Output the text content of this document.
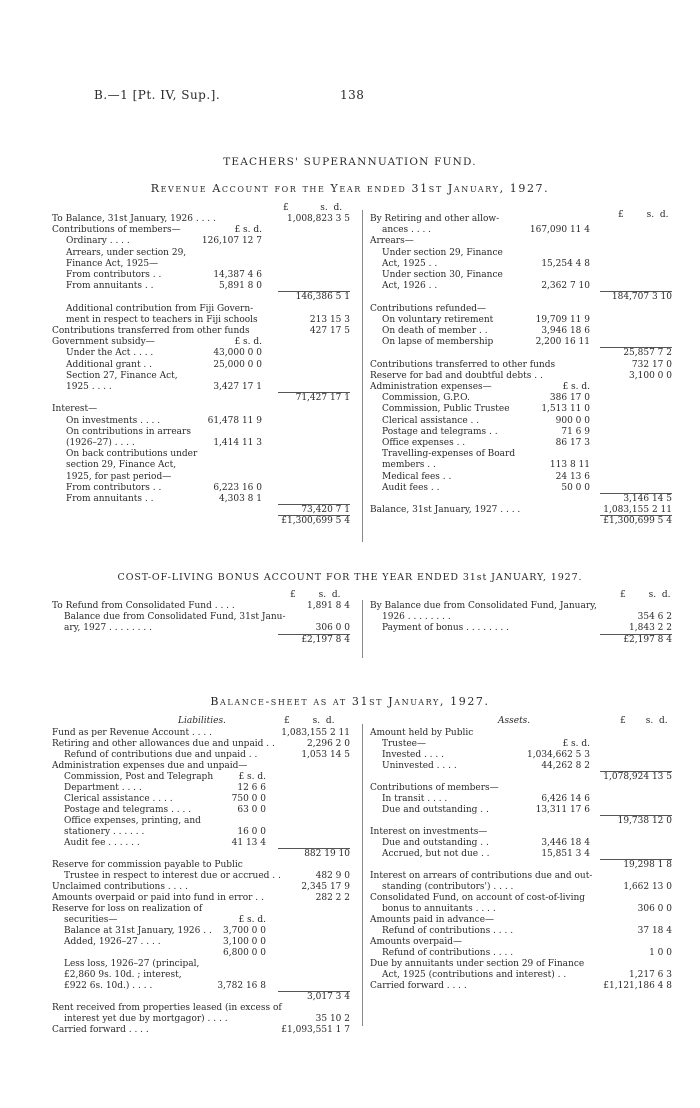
B.—1 [Pt. IV, Sup.].	138
TEACHERS' SUPERANNUATION FUND.
Revenue Account for the Year ended 31st January, 1927.
£	s. d.
£	s. d.
To Balance, 31st January, 1926 . . . .	1,008,823 3 5
Contributions of members—	£ s. d.
Ordinary . . . .	126,107 12 7
Arrears, under section 29,
Finance Act, 1925—
From contributors . .	14,387 4 6
From annuitants . .	5,891 8 0
146,386 5 1
Additional contribution from Fiji Govern-
ment in respect to teachers in Fiji schools	213 15 3
Contributions transferred from other funds	427 17 5
Government subsidy—	£ s. d.
Under the Act . . . .	43,000 0 0
Additional grant . .	25,000 0 0
Section 27, Finance Act,
1925 . . . .	3,427 17 1
71,427 17 1
Interest—
On investments . . . .	61,478 11 9
On contributions in arrears
(1926–27) . . . .	1,414 11 3
On back contributions under
section 29, Finance Act,
1925, for past period—
From contributors . .	6,223 16 0
From annuitants . .	4,303 8 1
73,420 7 1
£1,300,699 5 4
By Retiring and other allow-
ances . . . .	167,090 11 4
Arrears—
Under section 29, Finance
Act, 1925 . .	15,254 4 8
Under section 30, Finance
Act, 1926 . .	2,362 7 10
184,707 3 10
Contributions refunded—
On voluntary retirement	19,709 11 9
On death of member . .	3,946 18 6
On lapse of membership	2,200 16 11
25,857 7 2
Contributions transferred to other funds	732 17 0
Reserve for bad and doubtful debts . .	3,100 0 0
Administration expenses—	£ s. d.
Commission, G.P.O.	386 17 0
Commission, Public Trustee	1,513 11 0
Clerical assistance . .	900 0 0
Postage and telegrams . .	71 6 9
Office expenses . .	86 17 3
Travelling-expenses of Board
members . .	113 8 11
Medical fees . .	24 13 6
Audit fees . .	50 0 0
3,146 14 5
Balance, 31st January, 1927 . . . .	1,083,155 2 11
£1,300,699 5 4
COST-OF-LIVING BONUS ACCOUNT FOR THE YEAR ENDED 31st JANUARY, 1927.
£	s. d.	£	s. d.
To Refund from Consolidated Fund . . . .	1,891 8 4
Balance due from Consolidated Fund, 31st Janu-
ary, 1927 . . . . . . . .	306 0 0
£2,197 8 4
By Balance due from Consolidated Fund, January,
1926 . . . . . . . .	354 6 2
Payment of bonus . . . . . . . .	1,843 2 2
£2,197 8 4
Balance-sheet as at 31st January, 1927.
Liabilities.	£        s.  d.	Assets.	£       s.  d.
Fund as per Revenue Account . . . .	1,083,155 2 11
Retiring and other allowances due and unpaid . .	2,296 2 0
Refund of contributions due and unpaid . .	1,053 14 5
Administration expenses due and unpaid—
Commission, Post and Telegraph	£ s. d.
Department . . . .	12 6 6
Clerical assistance . . . .	750 0 0
Postage and telegrams . . . .	63 0 0
Office expenses, printing, and
stationery . . . . . .	16 0 0
Audit fee . . . . . .	41 13 4
882 19 10
Reserve for commission payable to Public
Trustee in respect to interest due or accrued . .	482 9 0
Unclaimed contributions . . . .	2,345 17 9
Amounts overpaid or paid into fund in error . .	282 2 2
Reserve for loss on realization of
securities—	£ s. d.
Balance at 31st January, 1926 . .	3,700 0 0
Added, 1926–27 . . . .	3,100 0 0
6,800 0 0
Less loss, 1926–27 (principal,
£2,860 9s. 10d. ; interest,
£922 6s. 10d.) . . . .	3,782 16 8
3,017 3 4
Rent received from properties leased (in excess of
interest yet due by mortgagor) . . . .	35 10 2
Carried forward . . . .	£1,093,551 1 7
Amount held by Public
Trustee—	£ s. d.
Invested . . . .	1,034,662 5 3
Uninvested . . . .	44,262 8 2
1,078,924 13 5
Contributions of members—
In transit . . . .	6,426 14 6
Due and outstanding . .	13,311 17 6
19,738 12 0
Interest on investments—
Due and outstanding . .	3,446 18 4
Accrued, but not due . .	15,851 3 4
19,298 1 8
Interest on arrears of contributions due and out-
standing (contributors') . . . .	1,662 13 0
Consolidated Fund, on account of cost-of-living
bonus to annuitants . . . .	306 0 0
Amounts paid in advance—
Refund of contributions . . . .	37 18 4
Amounts overpaid—
Refund of contributions . . . .	1 0 0
Due by annuitants under section 29 of Finance
Act, 1925 (contributions and interest) . .	1,217 6 3
Carried forward . . . .	£1,121,186 4 8
